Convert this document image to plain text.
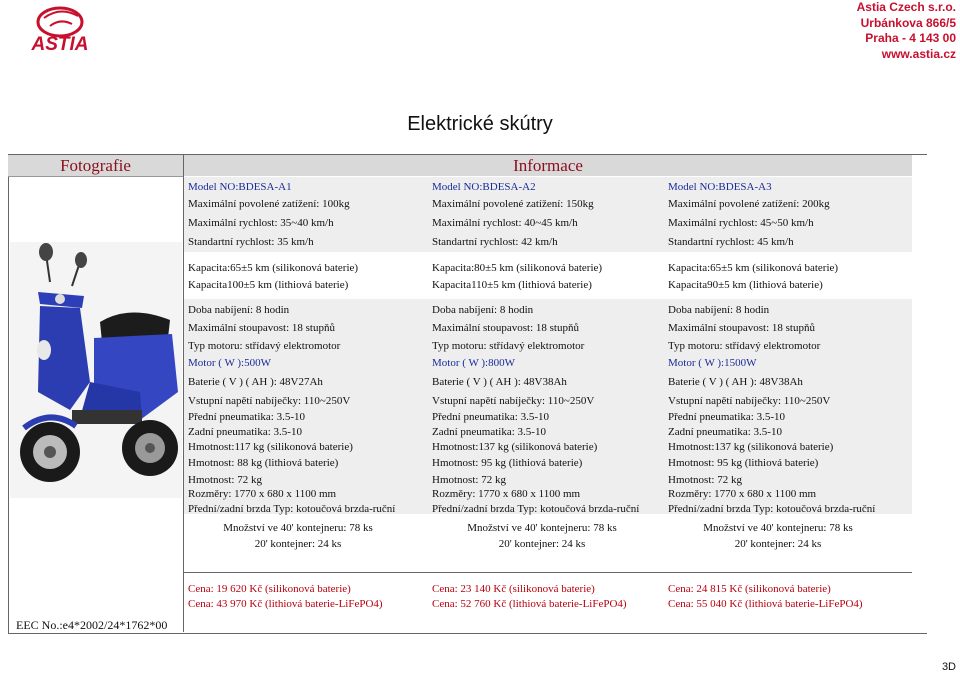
ASTIA
Astia Czech s.r.o.
Urbánkova 866/5
Praha - 4 143 00
www.astia.cz
Elektrické skútry
Fotografie	Informace
EEC No.:e4*2002/24*1762*00
Model NO:BDESA-A1
Maximální povolené zatížení: 100kg
Maximální rychlost: 35~40 km/h
Standartní rychlost: 35 km/h
Kapacita:65±5 km (silikonová baterie)
Kapacita100±5 km (lithiová baterie)
Doba nabíjení: 8 hodin
Maximální stoupavost: 18 stupňů
Typ motoru: střídavý elektromotor
Motor ( W ):500W
Baterie ( V ) ( AH ): 48V27Ah
Vstupní napětí nabíječky: 110~250V
Přední pneumatika: 3.5-10
Zadní pneumatika: 3.5-10
Hmotnost:117 kg (silikonová baterie)
Hmotnost: 88 kg (lithiová baterie)
Hmotnost: 72 kg
Rozměry: 1770 x 680 x 1100 mm
Přední/zadní brzda Typ: kotoučová brzda-ruční
Cena: 19 620 Kč (silikonová baterie)
Cena: 43 970 Kč (lithiová baterie-LiFePO4)
Množství ve 40' kontejneru: 78 ks
20' kontejner: 24 ks
Model NO:BDESA-A2
Maximální povolené zatížení: 150kg
Maximální rychlost: 40~45 km/h
Standartní rychlost: 42 km/h
Kapacita:80±5 km (silikonová baterie)
Kapacita110±5 km (lithiová baterie)
Doba nabíjení: 8 hodin
Maximální stoupavost: 18 stupňů
Typ motoru: střídavý elektromotor
Motor ( W ):800W
Baterie ( V ) ( AH ): 48V38Ah
Vstupní napětí nabíječky: 110~250V
Přední pneumatika: 3.5-10
Zadní pneumatika: 3.5-10
Hmotnost:137 kg (silikonová baterie)
Hmotnost: 95 kg (lithiová baterie)
Hmotnost: 72 kg
Rozměry: 1770 x 680 x 1100 mm
Přední/zadní brzda Typ: kotoučová brzda-ruční
Cena: 23 140 Kč (silikonová baterie)
Cena: 52 760 Kč (lithiová baterie-LiFePO4)
Množství ve 40' kontejneru: 78 ks
20' kontejner: 24 ks
Model NO:BDESA-A3
Maximální povolené zatížení: 200kg
Maximální rychlost: 45~50 km/h
Standartní rychlost: 45 km/h
Kapacita:65±5 km (silikonová baterie)
Kapacita90±5 km (lithiová baterie)
Doba nabíjení: 8 hodin
Maximální stoupavost: 18 stupňů
Typ motoru: střídavý elektromotor
Motor ( W ):1500W
Baterie ( V ) ( AH ): 48V38Ah
Vstupní napětí nabíječky: 110~250V
Přední pneumatika: 3.5-10
Zadní pneumatika: 3.5-10
Hmotnost:137 kg (silikonová baterie)
Hmotnost: 95 kg (lithiová baterie)
Hmotnost: 72 kg
Rozměry: 1770 x 680 x 1100 mm
Přední/zadní brzda Typ: kotoučová brzda-ruční
Cena: 24 815 Kč (silikonová baterie)
Cena: 55 040 Kč (lithiová baterie-LiFePO4)
Množství ve 40' kontejneru: 78 ks
20' kontejner: 24 ks
3D
